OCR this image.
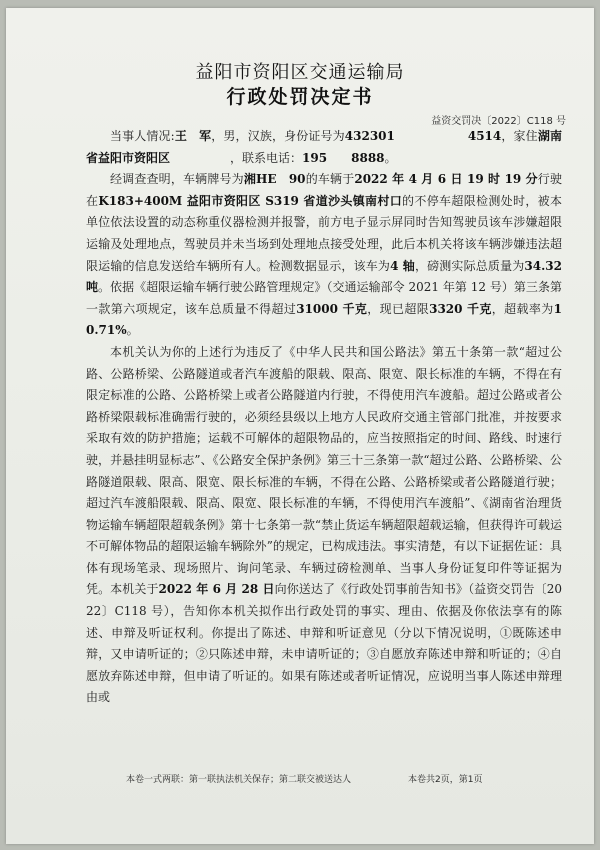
益阳市资阳区交通运输局
行政处罚决定书
益资交罚决〔2022〕C118 号

当事人情况:王　军，男，汉族，身份证号为432301　　　　　　	4514，家住湖南省益阳市资阳区　　　　　	，联系电话：195　　 8888。

经调查查明，车辆牌号为湘HE　 90的车辆于2022 年 4 月 6 日 19 时 19 分行驶在K183+400M 益阳市资阳区 S319 省道沙头镇南村口的不停车超限检测处时，被本单位依法设置的动态称重仪器检测并报警，前方电子显示屏同时告知驾驶员该车涉嫌超限运输及处理地点，驾驶员并未当场到处理地点接受处理，此后本机关将该车辆涉嫌违法超限运输的信息发送给车辆所有人。检测数据显示，该车为4 轴，磅测实际总质量为34.32 吨。依据《超限运输车辆行驶公路管理规定》（交通运输部令 2021 年第 12 号）第三条第一款第六项规定，该车总质量不得超过31000 千克，现已超限3320 千克，超载率为10.71%。

本机关认为你的上述行为违反了《中华人民共和国公路法》第五十条第一款“超过公路、公路桥梁、公路隧道或者汽车渡船的限载、限高、限宽、限长标准的车辆，不得在有限定标准的公路、公路桥梁上或者公路隧道内行驶，不得使用汽车渡船。超过公路或者公路桥梁限载标准确需行驶的，必须经县级以上地方人民政府交通主管部门批准，并按要求采取有效的防护措施；运载不可解体的超限物品的，应当按照指定的时间、路线、时速行驶，并悬挂明显标志”、《公路安全保护条例》第三十三条第一款“超过公路、公路桥梁、公路隧道限载、限高、限宽、限长标准的车辆，不得在公路、公路桥梁或者公路隧道行驶；超过汽车渡船限载、限高、限宽、限长标准的车辆，不得使用汽车渡船”、《湖南省治理货物运输车辆超限超载条例》第十七条第一款“禁止货运车辆超限超载运输，但获得许可载运不可解体物品的超限运输车辆除外”的规定，已构成违法。事实清楚，有以下证据佐证：具体有现场笔录、现场照片、询问笔录、车辆过磅检测单、当事人身份证复印件等证据为凭。本机关于2022 年 6 月 28 日向你送达了《行政处罚事前告知书》（益资交罚告〔2022〕C118 号），告知你本机关拟作出行政处罚的事实、理由、依据及你依法享有的陈述、申辩及听证权利。你提出了陈述、申辩和听证意见（分以下情况说明，①既陈述申辩，又申请听证的；②只陈述申辩，未申请听证的；③自愿放弃陈述申辩和听证的；④自愿放弃陈述申辩，但申请了听证的。如果有陈述或者听证情况，应说明当事人陈述申辩理由或

本卷一式两联：第一联执法机关保存；第二联交被送达人	本卷共2页，第1页
